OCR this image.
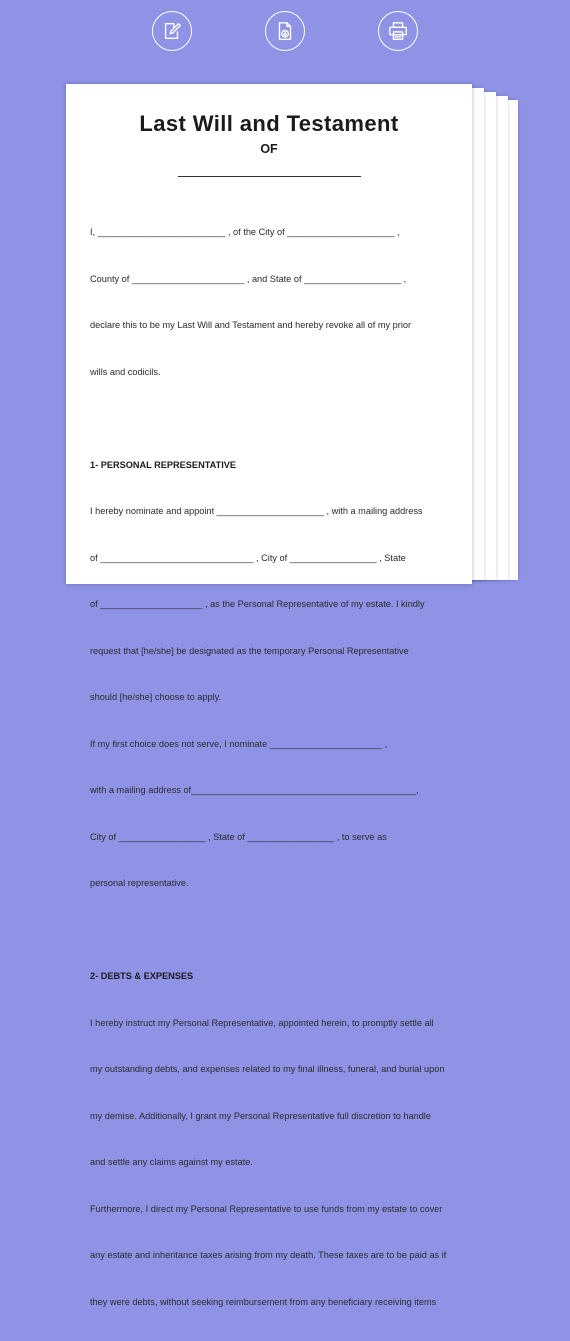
Last Will and Testament
OF

I, _________________________ , of the City of _____________________ ,

County of ______________________ , and State of ___________________ ,

declare this to be my Last Will and Testament and hereby revoke all of my prior

wills and codicils.

1- PERSONAL REPRESENTATIVE

I hereby nominate and appoint _____________________ , with a mailing address

of ______________________________ , City of _________________ , State

of ____________________ , as the Personal Representative of my estate. I kindly

request that [he/she] be designated as the temporary Personal Representative

should [he/she] choose to apply.

If my first choice does not serve, I nominate ______________________ ,

with a mailing address of____________________________________________,

City of _________________ , State of _________________ , to serve as

personal representative.

2- DEBTS & EXPENSES

I hereby instruct my Personal Representative, appointed herein, to promptly settle all

my outstanding debts, and expenses related to my final illness, funeral, and burial upon

my demise. Additionally, I grant my Personal Representative full discretion to handle

and settle any claims against my estate.

Furthermore, I direct my Personal Representative to use funds from my estate to cover

any estate and inheritance taxes arising from my death. These taxes are to be paid as if

they were debts, without seeking reimbursement from any beneficiary receiving items
